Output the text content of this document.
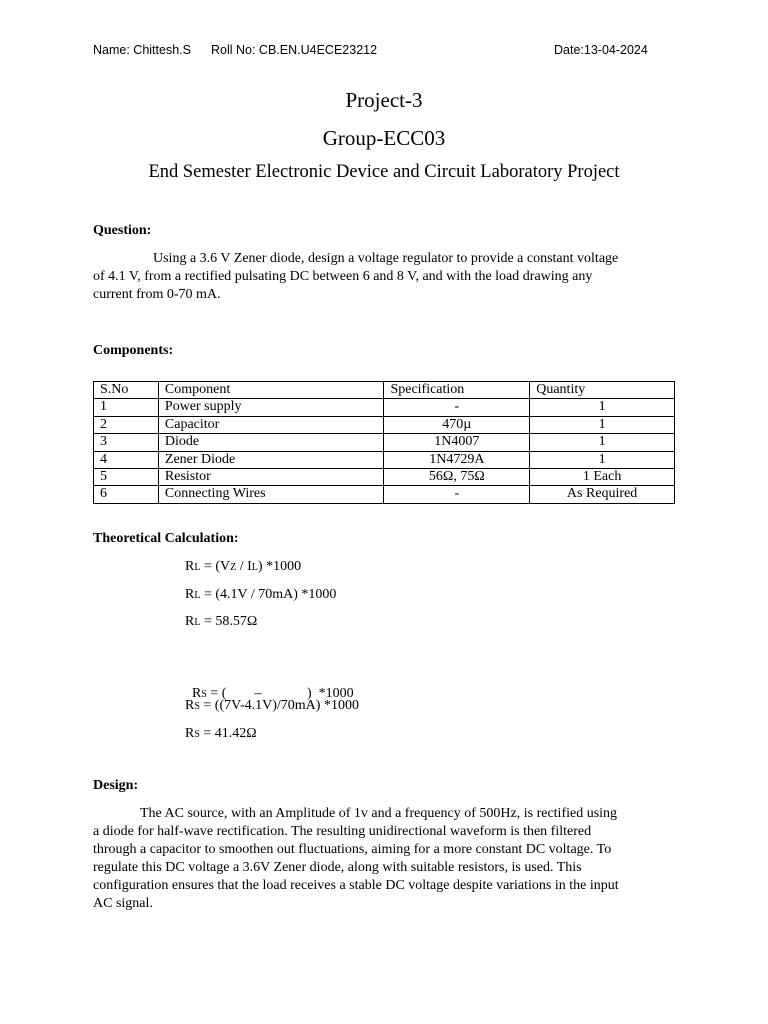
Name: Chittesh.S Roll No: CB.EN.U4ECE23212	Date:13-04-2024
Project-3
Group-ECC03
End Semester Electronic Device and Circuit Laboratory Project
Question:
Using a 3.6 V Zener diode, design a voltage regulator to provide a constant voltage
of 4.1 V, from a rectified pulsating DC between 6 and 8 V, and with the load drawing any
current from 0-70 mA.
Components:
S.No	Component	Specification	Quantity
1	Power supply	-	1
2	Capacitor	470µ	1
3	Diode	1N4007	1
4	Zener Diode	1N4729A	1
5	Resistor	56Ω, 75Ω	1 Each
6	Connecting Wires	-	As Required
Theoretical Calculation:
RL = (VZ / IL) *1000
RL = (4.1V / 70mA) *1000
RL = 58.57Ω

RS = (        –             )  *1000

RS = ((7V-4.1V)/70mA) *1000
RS = 41.42Ω
Design:
The AC source, with an Amplitude of 1v and a frequency of 500Hz, is rectified using
a diode for half-wave rectification. The resulting unidirectional waveform is then filtered
through a capacitor to smoothen out fluctuations, aiming for a more constant DC voltage. To
regulate this DC voltage a 3.6V Zener diode, along with suitable resistors, is used. This
configuration ensures that the load receives a stable DC voltage despite variations in the input
AC signal.
